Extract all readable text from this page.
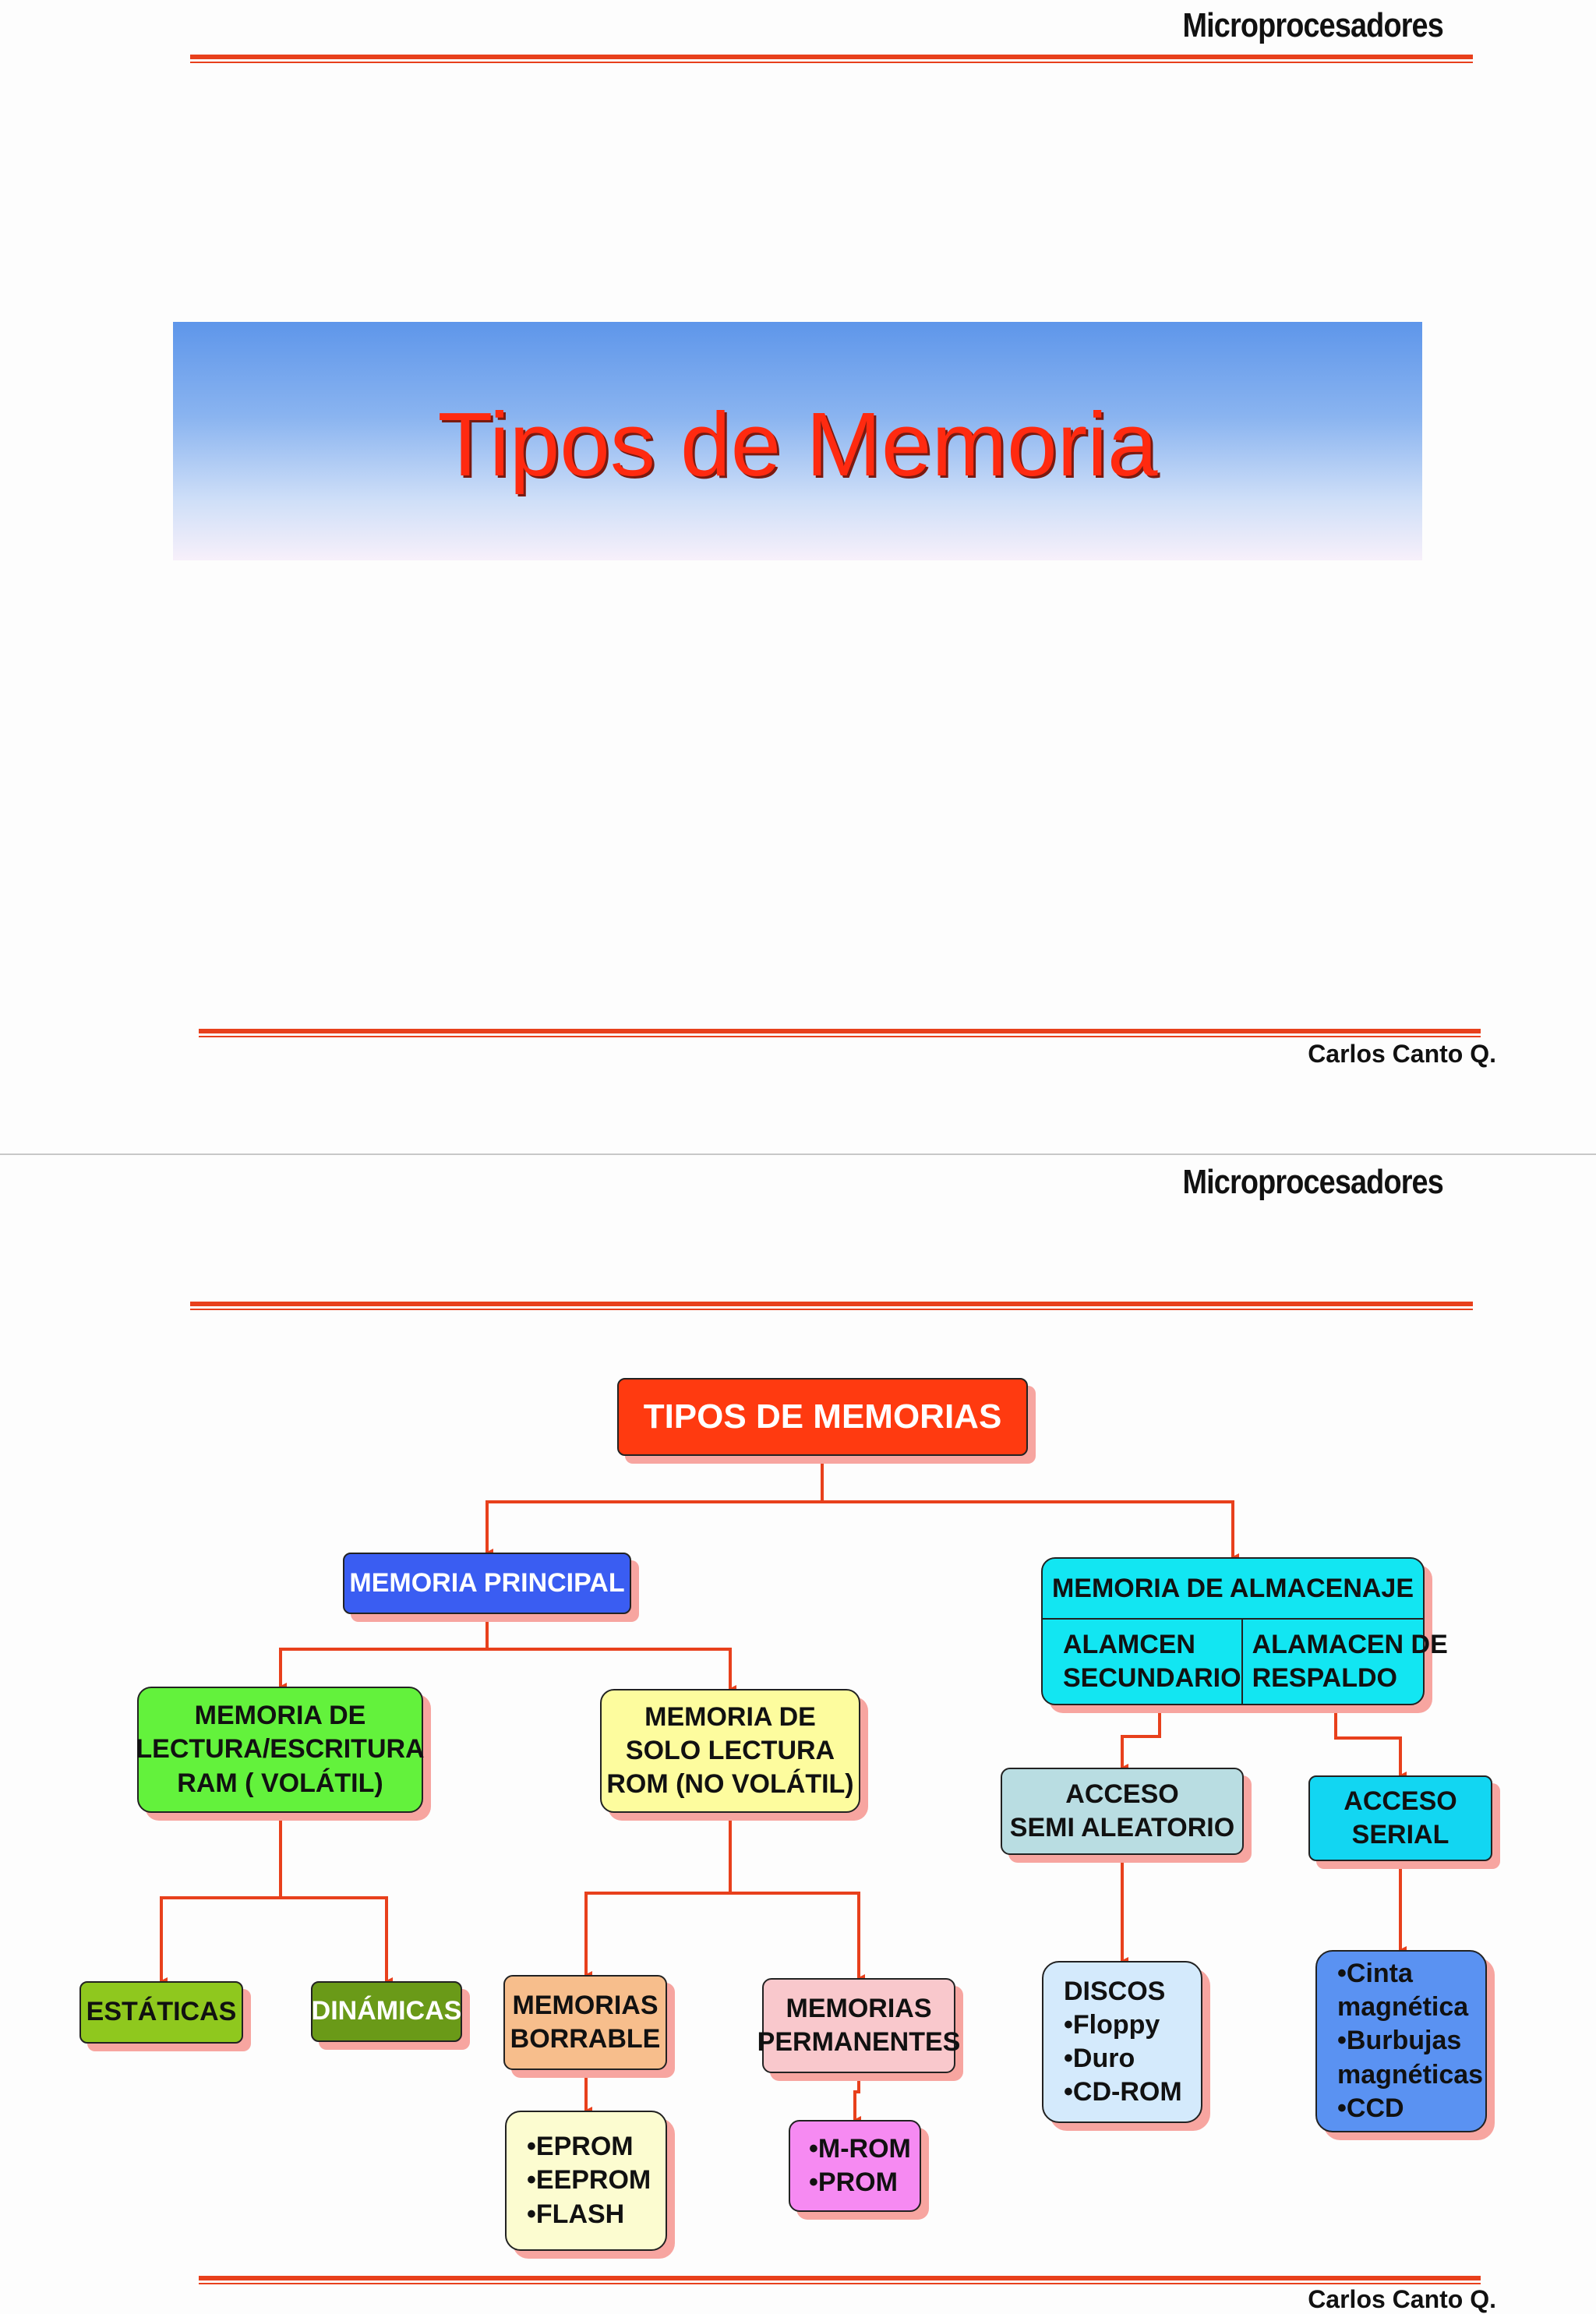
Microprocesadores
Tipos de Memoria
Carlos Canto Q.
Microprocesadores
TIPOS DE MEMORIAS
MEMORIA PRINCIPAL	MEMORIA DE ALMACENAJE
ALAMCEN
SECUNDARIO
ALAMACEN DE
RESPALDO
MEMORIA DE
LECTURA/ESCRITURA
RAM ( VOLÁTIL)
MEMORIA DE
SOLO LECTURA
ROM (NO VOLÁTIL)	ACCESO
SEMI ALEATORIO
ACCESO
SERIAL
ESTÁTICAS	DINÁMICAS MEMORIAS
BORRABLE
MEMORIAS
PERMANENTES
•EPROM
•EEPROM
•FLASH
•M-ROM
•PROM
DISCOS
•Floppy
•Duro
•CD-ROM
•Cinta
magnética
•Burbujas
magnéticas
•CCD
Carlos Canto Q.
